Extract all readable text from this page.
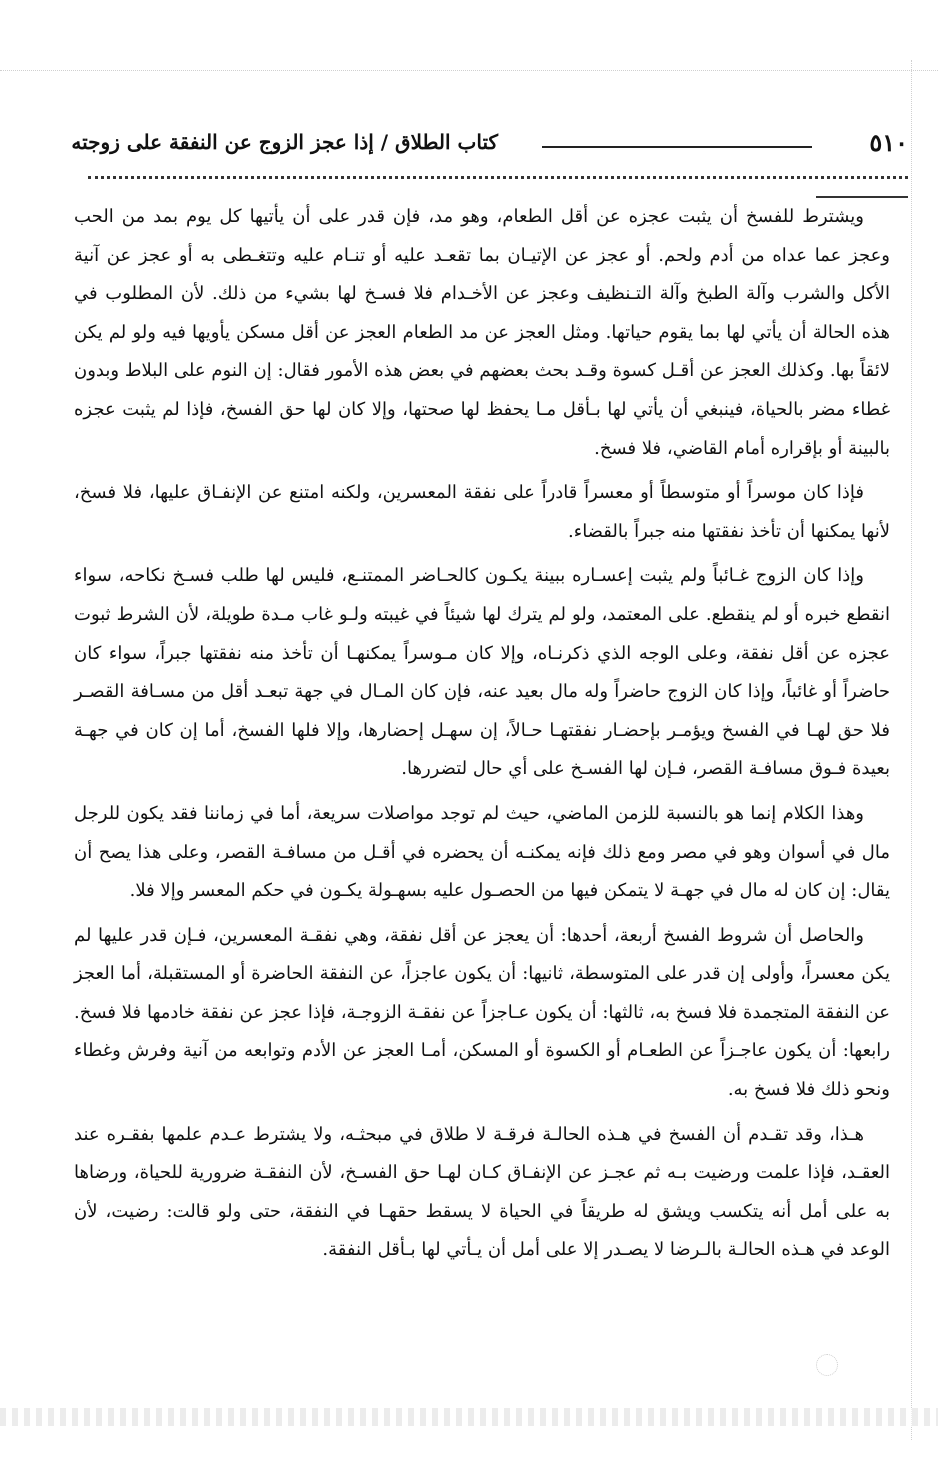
٥١٠
كتاب الطلاق / إذا عجز الزوج عن النفقة على زوجته

ويشترط للفسخ أن يثبت عجزه عن أقل الطعام، وهو مد، فإن قدر على أن يأتيها كل يوم بمد من الحب وعجز عما عداه من أدم ولحم. أو عجز عن الإتيـان بما تقعـد عليه أو تنـام عليه وتتغـطى به أو عجز عن آنية الأكل والشرب وآلة الطبخ وآلة التـنظيف وعجز عن الأخـدام فلا فسـخ لها بشيء من ذلك. لأن المطلوب في هذه الحالة أن يأتي لها بما يقوم حياتها. ومثل العجز عن مد الطعام العجز عن أقل مسكن يأويها فيه ولو لم يكن لائقاً بها. وكذلك العجز عن أقـل كسوة وقـد بحث بعضهم في بعض هذه الأمور فقال: إن النوم على البلاط وبدون غطاء مضر بالحياة، فينبغي أن يأتي لها بـأقل مـا يحفظ لها صحتها، وإلا كان لها حق الفسخ، فإذا لم يثبت عجزه بالبينة أو بإقراره أمام القاضي، فلا فسخ.

فإذا كان موسراً أو متوسطاً أو معسراً قادراً على نفقة المعسرين، ولكنه امتنع عن الإنفـاق عليها، فلا فسخ، لأنها يمكنها أن تأخذ نفقتها منه جبراً بالقضاء.

وإذا كان الزوج غـائباً ولم يثبت إعسـاره ببينة يكـون كالحـاضر الممتنـع، فليس لها طلب فسـخ نكاحه، سواء انقطع خبره أو لم ينقطع. على المعتمد، ولو لم يترك لها شيئاً في غيبته ولـو غاب مـدة طويلة، لأن الشرط ثبوت عجزه عن أقل نفقة، وعلى الوجه الذي ذكرنـاه، وإلا كان مـوسراً يمكنهـا أن تأخذ منه نفقتها جبراً، سواء كان حاضراً أو غائباً، وإذا كان الزوج حاضراً وله مال بعيد عنه، فإن كان المـال في جهة تبعـد أقل من مسـافة القصـر فلا حق لهـا في الفسخ ويؤمـر بإحضـار نفقتهـا حـالاً، إن سهـل إحضارها، وإلا فلها الفسخ، أما إن كان في جهـة بعيدة فـوق مسافـة القصر، فـإن لها الفسـخ على أي حال لتضررها.

وهذا الكلام إنما هو بالنسبة للزمن الماضي، حيث لم توجد مواصلات سريعة، أما في زماننا فقد يكون للرجل مال في أسوان وهو في مصر ومع ذلك فإنه يمكنـه أن يحضره في أقـل من مسافـة القصر، وعلى هذا يصح أن يقال: إن كان له مال في جهـة لا يتمكن فيها من الحصـول عليه بسهـولة يكـون في حكم المعسر وإلا فلا.

والحاصل أن شروط الفسخ أربعة، أحدها: أن يعجز عن أقل نفقة، وهي نفقـة المعسرين، فـإن قدر عليها لم يكن معسراً، وأولى إن قدر على المتوسطة، ثانيها: أن يكون عاجزاً، عن النفقة الحاضرة أو المستقبلة، أما العجز عن النفقة المتجمدة فلا فسخ به، ثالثها: أن يكون عـاجزاً عن نفقـة الزوجـة، فإذا عجز عن نفقة خادمها فلا فسخ. رابعها: أن يكون عاجـزاً عن الطعـام أو الكسوة أو المسكن، أمـا العجز عن الأدم وتوابعه من آنية وفرش وغطاء ونحو ذلك فلا فسخ به.

هـذا، وقد تقـدم أن الفسخ في هـذه الحالـة فرقـة لا طلاق في مبحثـه، ولا يشترط عـدم علمها بفقـره عند العقـد، فإذا علمت ورضيت بـه ثم عجـز عن الإنفـاق كـان لهـا حق الفسـخ، لأن النفقـة ضرورية للحياة، ورضاها به على أمل أنه يتكسب ويشق له طريقاً في الحياة لا يسقط حقهـا في النفقة، حتى ولو قالت: رضيت، لأن الوعد في هـذه الحالـة بالـرضا لا يصـدر إلا على أمل أن يـأتي لها بـأقل النفقة.
